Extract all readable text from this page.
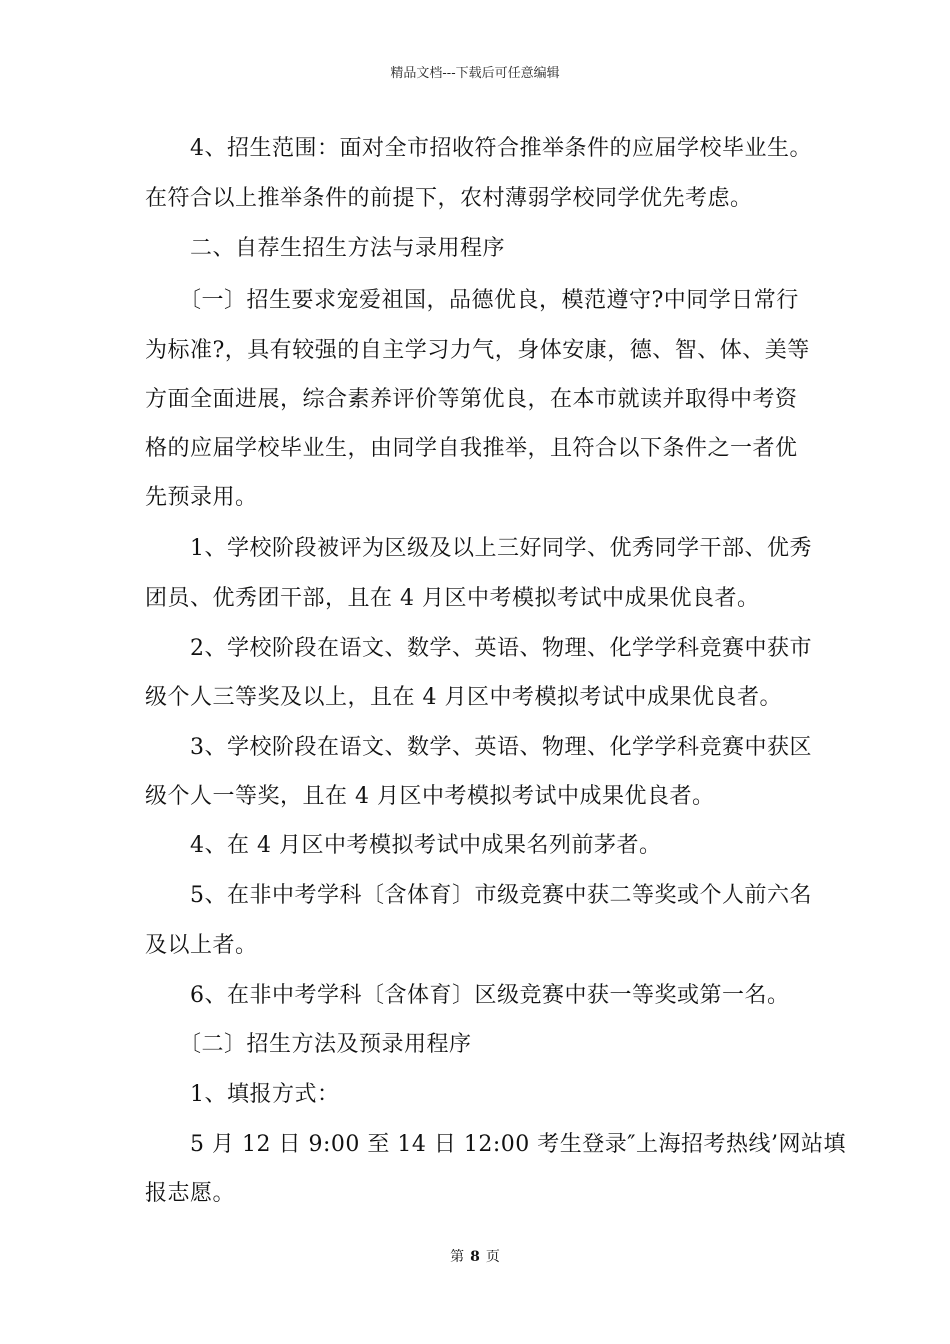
精品文档---下载后可任意编辑
　　4、招生范围：面对全市招收符合推举条件的应届学校毕业生。
在符合以上推举条件的前提下，农村薄弱学校同学优先考虑。
　　二、自荐生招生方法与录用程序
　　〔一〕招生要求宠爱祖国，品德优良，模范遵守?中同学日常行
为标准?，具有较强的自主学习力气，身体安康，德、智、体、美等
方面全面进展，综合素养评价等第优良，在本市就读并取得中考资
格的应届学校毕业生，由同学自我推举，且符合以下条件之一者优
先预录用。
　　1、学校阶段被评为区级及以上三好同学、优秀同学干部、优秀
团员、优秀团干部，且在 4 月区中考模拟考试中成果优良者。
　　2、学校阶段在语文、数学、英语、物理、化学学科竞赛中获市
级个人三等奖及以上，且在 4 月区中考模拟考试中成果优良者。
　　3、学校阶段在语文、数学、英语、物理、化学学科竞赛中获区
级个人一等奖，且在 4 月区中考模拟考试中成果优良者。
　　4、在 4 月区中考模拟考试中成果名列前茅者。
　　5、在非中考学科〔含体育〕市级竞赛中获二等奖或个人前六名
及以上者。
　　6、在非中考学科〔含体育〕区级竞赛中获一等奖或第一名。
　　〔二〕招生方法及预录用程序
　　1、填报方式：
　　5 月 12 日 9:00 至 14 日 12:00 考生登录″上海招考热线’网站填
报志愿。
第 8 页
